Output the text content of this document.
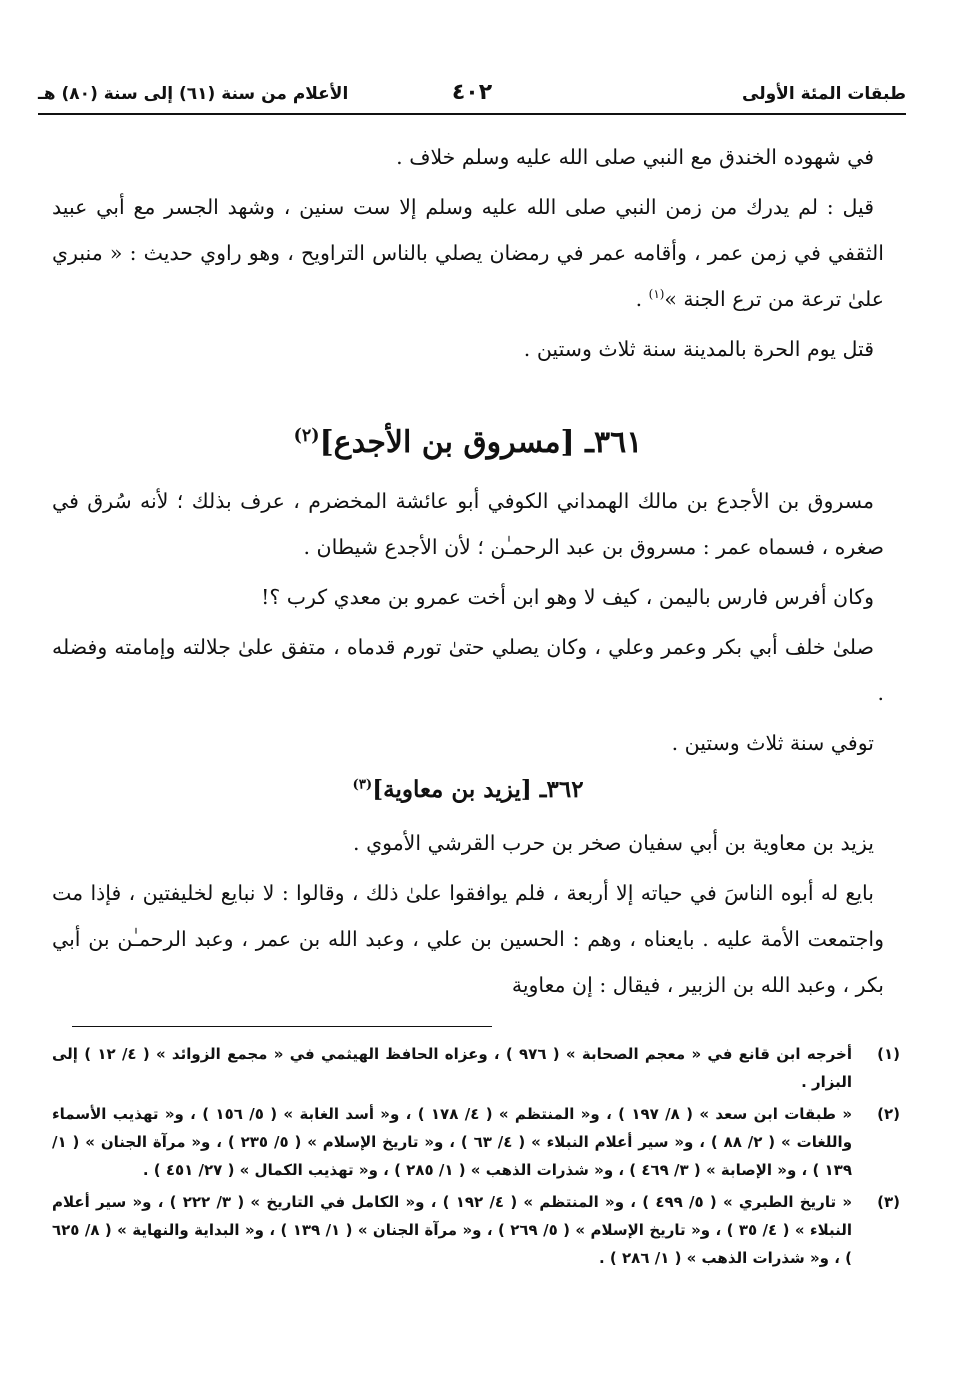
طبقات المئة الأولى
٤٠٢
الأعلام من سنة (٦١) إلى سنة (٨٠) هـ

في شهوده الخندق مع النبي صلى الله عليه وسلم خلاف .

قيل : لم يدرك من زمن النبي صلى الله عليه وسلم إلا ست سنين ، وشهد الجسر مع أبي عبيد الثقفي في زمن عمر ، وأقامه عمر في رمضان يصلي بالناس التراويح ، وهو راوي حديث : « منبري علىٰ ترعة من ترع الجنة »$^{(١)}$ .

قتل يوم الحرة بالمدينة سنة ثلاث وستين .

٣٦١ـ [مسروق بن الأجدع]$^{(٢)}$

مسروق بن الأجدع بن مالك الهمداني الكوفي أبو عائشة المخضرم ، عرف بذلك ؛ لأنه سُرق في صغره ، فسماه عمر : مسروق بن عبد الرحمـٰن ؛ لأن الأجدع شيطان .

وكان أفرس فارس باليمن ، كيف لا وهو ابن أخت عمرو بن معدي كرب ؟!

صلىٰ خلف أبي بكر وعمر وعلي ، وكان يصلي حتىٰ تورم قدماه ، متفق علىٰ جلالته وإمامته وفضله .

توفي سنة ثلاث وستين .

٣٦٢ـ [يزيد بن معاوية]$^{(٣)}$

يزيد بن معاوية بن أبي سفيان صخر بن حرب القرشي الأموي .

بايع له أبوه الناسَ في حياته إلا أربعة ، فلم يوافقوا علىٰ ذلك ، وقالوا : لا نبايع لخليفتين ، فإذا مت واجتمعت الأمة عليه . بايعناه ، وهم : الحسين بن علي ، وعبد الله بن عمر ، وعبد الرحمـٰن بن أبي بكر ، وعبد الله بن الزبير ، فيقال : إن معاوية

(١)
أخرجه ابن قانع في « معجم الصحابة » ( ٩٧٦ ) ، وعزاه الحافظ الهيثمي في « مجمع الزوائد » ( ٤/ ١٢ ) إلى البزار .
(٢)
« طبقات ابن سعد » ( ٨/ ١٩٧ ) ، و« المنتظم » ( ٤/ ١٧٨ ) ، و« أسد الغابة » ( ٥/ ١٥٦ ) ، و« تهذيب الأسماء واللغات » ( ٢/ ٨٨ ) ، و« سير أعلام النبلاء » ( ٤/ ٦٣ ) ، و« تاريخ الإسلام » ( ٥/ ٢٣٥ ) ، و« مرآة الجنان » ( ١/ ١٣٩ ) ، و« الإصابة » ( ٣/ ٤٦٩ ) ، و« شذرات الذهب » ( ١/ ٢٨٥ ) ، و« تهذيب الكمال » ( ٢٧/ ٤٥١ ) .
(٣)
« تاريخ الطبري » ( ٥/ ٤٩٩ ) ، و« المنتظم » ( ٤/ ١٩٢ ) ، و« الكامل في التاريخ » ( ٣/ ٢٢٢ ) ، و« سير أعلام النبلاء » ( ٤/ ٣٥ ) ، و« تاريخ الإسلام » ( ٥/ ٢٦٩ ) ، و« مرآة الجنان » ( ١/ ١٣٩ ) ، و« البداية والنهاية » ( ٨/ ٦٢٥ ) ، و« شذرات الذهب » ( ١/ ٢٨٦ ) .
